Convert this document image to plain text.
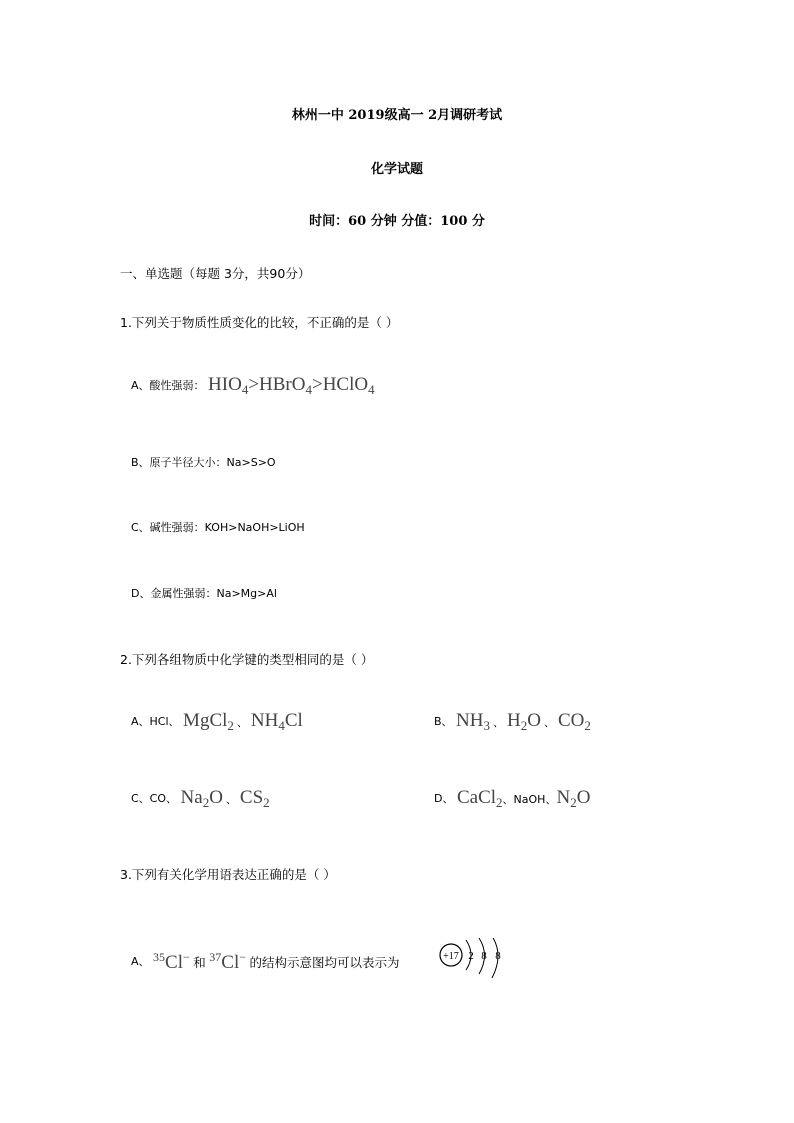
林州一中 2019级高一 2月调研考试
化学试题
时间：60 分钟 分值：100 分
一、单选题（每题 3分，共90分）
1.下列关于物质性质变化的比较，不正确的是（ ）
A、酸性强弱： $HIO_4>HBrO_4>HClO_4$
B、原子半径大小：Na>S>O
C、碱性强弱：KOH>NaOH>LiOH
D、金属性强弱：Na>Mg>Al
2.下列各组物质中化学键的类型相同的是（ ）
A、HCl、 MgCl$_2$ 、 $NH_4Cl$	B、 $NH_3$ 、 $H_2O$ 、 $CO_2$
C、CO、 $Na_2O$ 、 $CS_2$	D、 CaCl$_2$、NaOH、$N_2O$
3.下列有关化学用语表达正确的是（ ）
A、 $^{35}$Cl− 和 $^{37}$Cl− 的结构示意图均可以表示为	+17 2 8 8
